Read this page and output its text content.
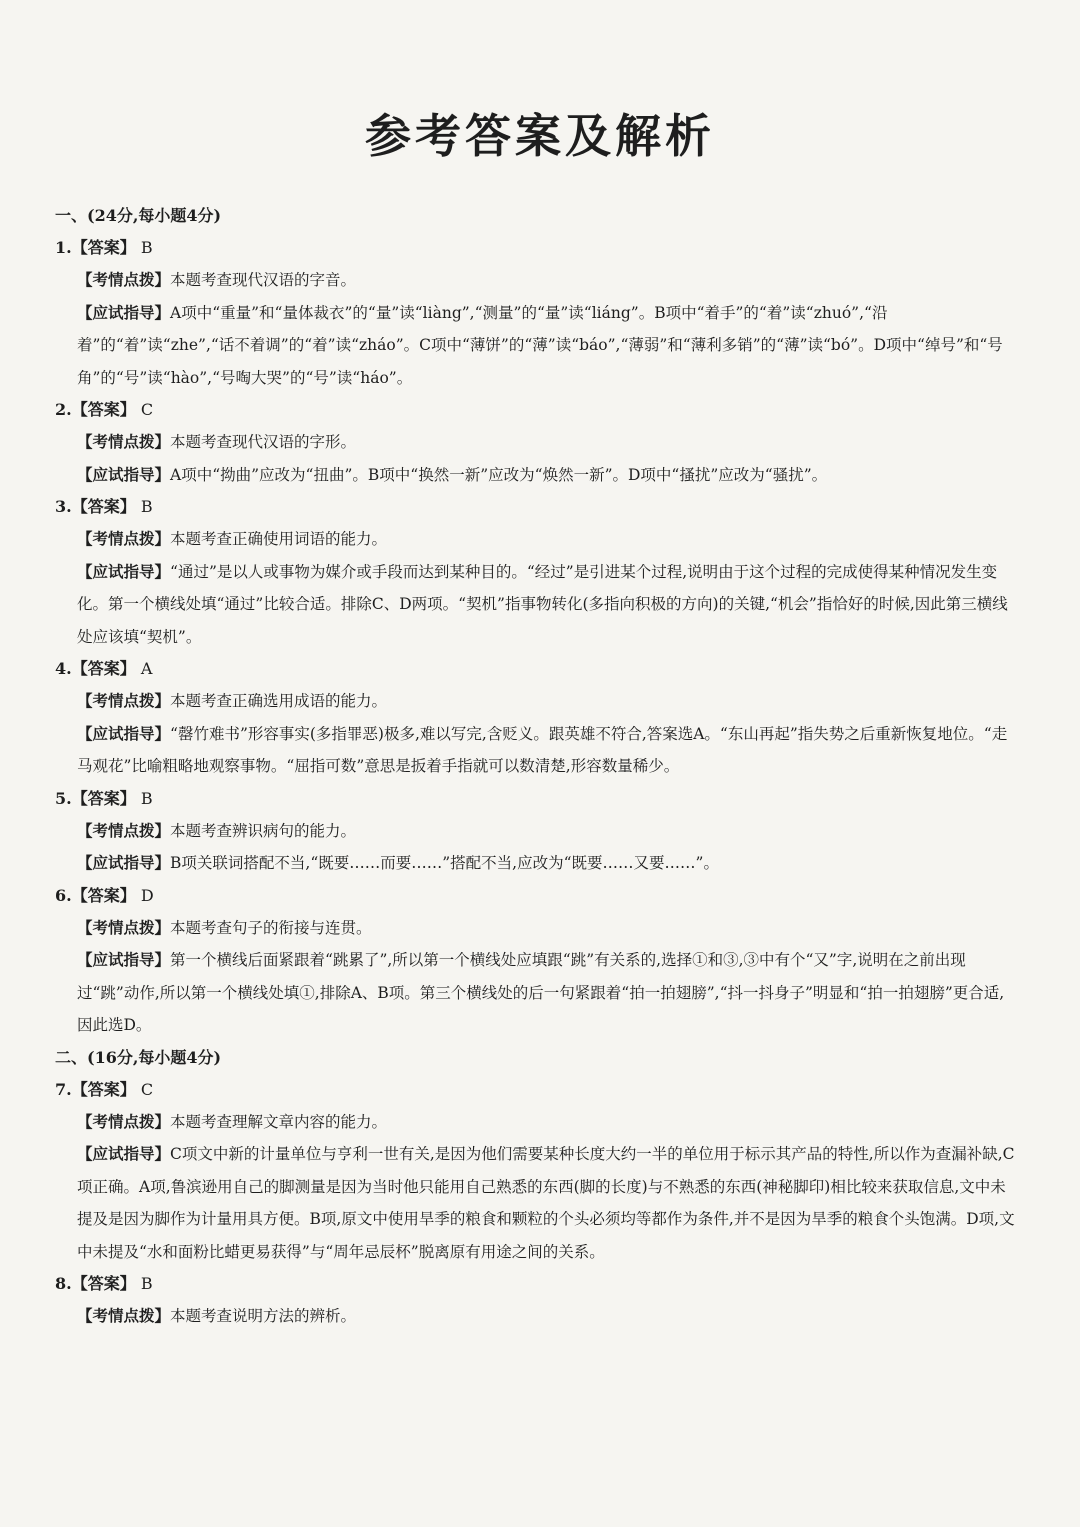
参考答案及解析
一、(24分,每小题4分)
1.【答案】 B
【考情点拨】本题考查现代汉语的字音。
【应试指导】A项中“重量”和“量体裁衣”的“量”读“liàng”,“测量”的“量”读“liáng”。B项中“着手”的“着”读“zhuó”,“沿着”的“着”读“zhe”,“话不着调”的“着”读“zháo”。C项中“薄饼”的“薄”读“báo”,“薄弱”和“薄利多销”的“薄”读“bó”。D项中“绰号”和“号角”的“号”读“hào”,“号啕大哭”的“号”读“háo”。
2.【答案】 C
【考情点拨】本题考查现代汉语的字形。
【应试指导】A项中“拗曲”应改为“扭曲”。B项中“换然一新”应改为“焕然一新”。D项中“搔扰”应改为“骚扰”。
3.【答案】 B
【考情点拨】本题考查正确使用词语的能力。
【应试指导】“通过”是以人或事物为媒介或手段而达到某种目的。“经过”是引进某个过程,说明由于这个过程的完成使得某种情况发生变化。第一个横线处填“通过”比较合适。排除C、D两项。“契机”指事物转化(多指向积极的方向)的关键,“机会”指恰好的时候,因此第三横线处应该填“契机”。
4.【答案】 A
【考情点拨】本题考查正确选用成语的能力。
【应试指导】“罄竹难书”形容事实(多指罪恶)极多,难以写完,含贬义。跟英雄不符合,答案选A。“东山再起”指失势之后重新恢复地位。“走马观花”比喻粗略地观察事物。“屈指可数”意思是扳着手指就可以数清楚,形容数量稀少。
5.【答案】 B
【考情点拨】本题考查辨识病句的能力。
【应试指导】B项关联词搭配不当,“既要……而要……”搭配不当,应改为“既要……又要……”。
6.【答案】 D
【考情点拨】本题考查句子的衔接与连贯。
【应试指导】第一个横线后面紧跟着“跳累了”,所以第一个横线处应填跟“跳”有关系的,选择①和③,③中有个“又”字,说明在之前出现过“跳”动作,所以第一个横线处填①,排除A、B项。第三个横线处的后一句紧跟着“拍一拍翅膀”,“抖一抖身子”明显和“拍一拍翅膀”更合适,因此选D。
二、(16分,每小题4分)
7.【答案】 C
【考情点拨】本题考查理解文章内容的能力。
【应试指导】C项文中新的计量单位与亨利一世有关,是因为他们需要某种长度大约一半的单位用于标示其产品的特性,所以作为查漏补缺,C项正确。A项,鲁滨逊用自己的脚测量是因为当时他只能用自己熟悉的东西(脚的长度)与不熟悉的东西(神秘脚印)相比较来获取信息,文中未提及是因为脚作为计量用具方便。B项,原文中使用旱季的粮食和颗粒的个头必须均等都作为条件,并不是因为旱季的粮食个头饱满。D项,文中未提及“水和面粉比蜡更易获得”与“周年忌辰杯”脱离原有用途之间的关系。
8.【答案】 B
【考情点拨】本题考查说明方法的辨析。
